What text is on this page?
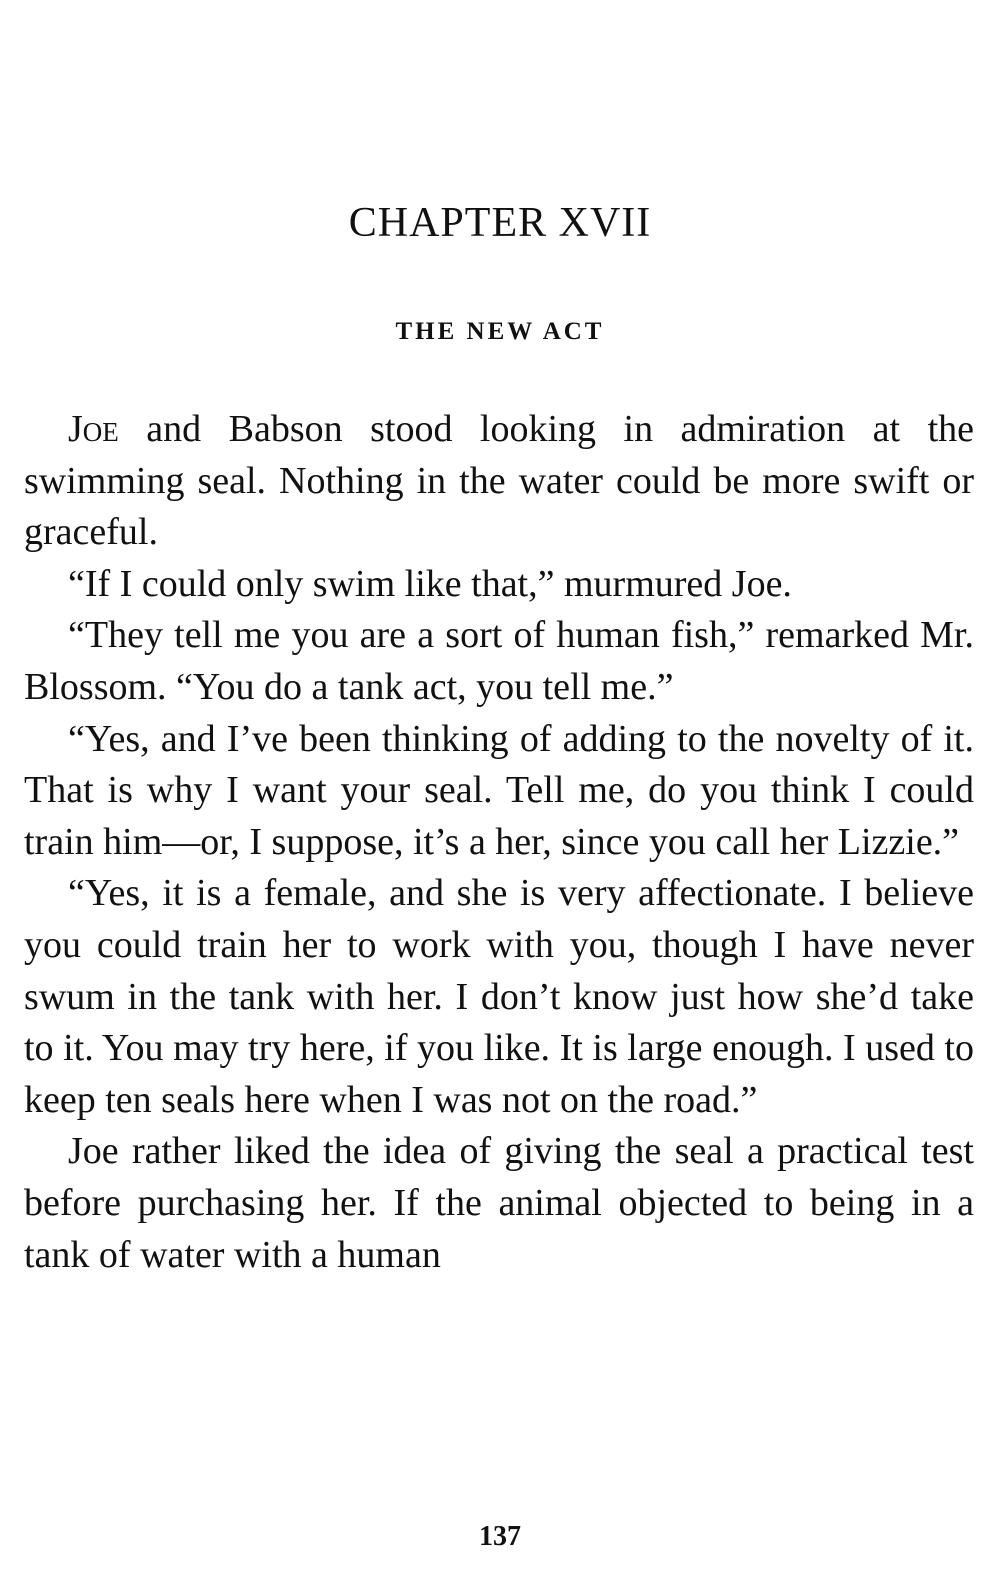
CHAPTER XVII
THE NEW ACT

Joe and Babson stood looking in admiration at the swimming seal. Nothing in the water could be more swift or graceful.

“If I could only swim like that,” murmured Joe.

“They tell me you are a sort of human fish,” remarked Mr. Blossom. “You do a tank act, you tell me.”

“Yes, and I’ve been thinking of adding to the novelty of it. That is why I want your seal. Tell me, do you think I could train him—or, I suppose, it’s a her, since you call her Lizzie.”

“Yes, it is a female, and she is very affectionate. I believe you could train her to work with you, though I have never swum in the tank with her. I don’t know just how she’d take to it. You may try here, if you like. It is large enough. I used to keep ten seals here when I was not on the road.”

Joe rather liked the idea of giving the seal a practical test before purchasing her. If the animal objected to being in a tank of water with a human

137
